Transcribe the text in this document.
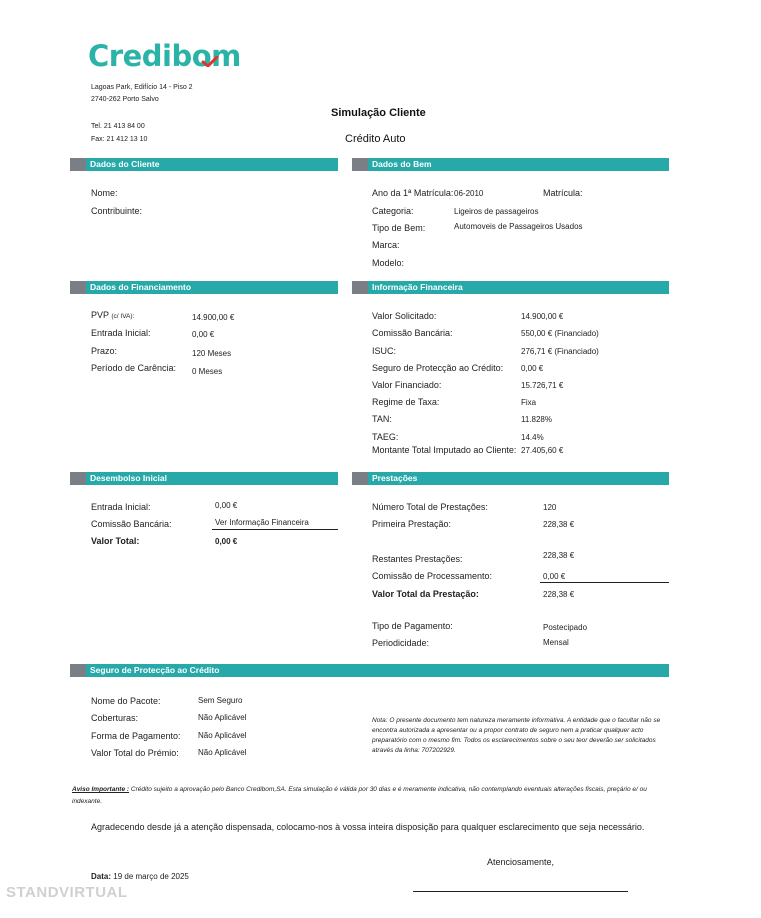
Credibom
Lagoas Park, Edifício 14 - Piso 2
2740-262 Porto Salvo
Tel. 21 413 84 00
Fax: 21 412 13 10
Simulação Cliente
Crédito Auto
Dados do Cliente
Nome:
Contribuinte:
Dados do Bem
Ano da 1ª Matrícula: 06-2010	Matrícula:
Categoria:	Ligeiros de passageiros
Tipo de Bem:	Automoveis de Passageiros Usados
Marca:
Modelo:
Dados do Financiamento
PVP (c/ IVA):	14.900,00 €
Entrada Inicial:	0,00 €
Prazo:	120 Meses
Período de Carência: 0 Meses
Informação Financeira
Valor Solicitado:	14.900,00 €
Comissão Bancária:	550,00 € (Financiado)
ISUC:	276,71 € (Financiado)
Seguro de Protecção ao Crédito: 0,00 €
Valor Financiado:	15.726,71 €
Regime de Taxa:	Fixa
TAN:	11.828%
TAEG:	14.4%
Montante Total Imputado ao Cliente: 27.405,60 €
Desembolso Inicial
Entrada Inicial:	0,00 €
Comissão Bancária:	Ver Informação Financeira
Valor Total:	0,00 €
Prestações
Número Total de Prestações:	120
Primeira Prestação:	228,38 €
Restantes Prestações:	228,38 €
Comissão de Processamento:	0,00 €
Valor Total da Prestação:	228,38 €
Tipo de Pagamento:	Postecipado
Periodicidade:	Mensal
Seguro de Protecção ao Crédito
Nome do Pacote:	Sem Seguro
Coberturas:	Não Aplicável
Forma de Pagamento: Não Aplicável
Valor Total do Prémio: Não Aplicável
Nota: O presente documento tem natureza meramente informativa. A entidade que o facultar não se encontra autorizada a apresentar ou a propor contrato de seguro nem a praticar qualquer acto preparatório com o mesmo fim. Todos os esclarecimentos sobre o seu teor deverão ser solicitados através da linha: 707202929.
Aviso Importante : Crédito sujeito a aprovação pelo Banco Credibom,SA. Esta simulação é válida por 30 dias e é meramente indicativa, não contemplando eventuais alterações fiscais, preçário e/ ou indexante.
Agradecendo desde já a atenção dispensada, colocamo-nos à vossa inteira disposição para qualquer esclarecimento que seja necessário.
Atenciosamente,
Data: 19 de março de 2025
STANDVIRTUAL
